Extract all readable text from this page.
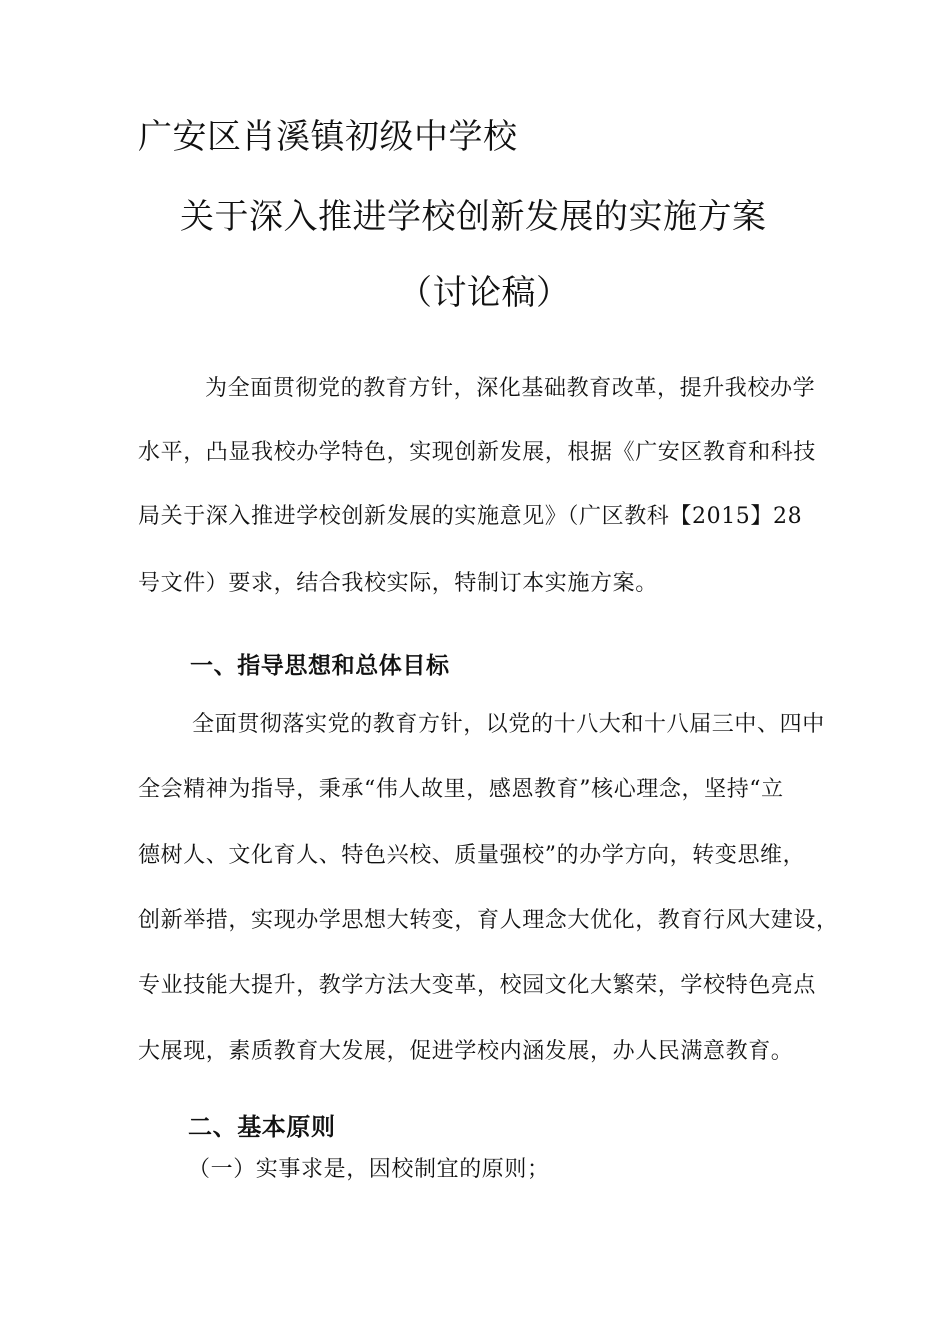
广安区肖溪镇初级中学校
关于深入推进学校创新发展的实施方案
（讨论稿）
为全面贯彻党的教育方针，深化基础教育改革，提升我校办学
水平，凸显我校办学特色，实现创新发展，根据《广安区教育和科技
局关于深入推进学校创新发展的实施意见》（广区教科【2015】28
号文件）要求，结合我校实际，特制订本实施方案。
一、指导思想和总体目标
全面贯彻落实党的教育方针，以党的十八大和十八届三中、四中
全会精神为指导，秉承“伟人故里，感恩教育”核心理念，坚持“立
德树人、文化育人、特色兴校、质量强校”的办学方向，转变思维，
创新举措，实现办学思想大转变，育人理念大优化，教育行风大建设，
专业技能大提升，教学方法大变革，校园文化大繁荣，学校特色亮点
大展现，素质教育大发展，促进学校内涵发展，办人民满意教育。
二、基本原则
（一）实事求是，因校制宜的原则；
